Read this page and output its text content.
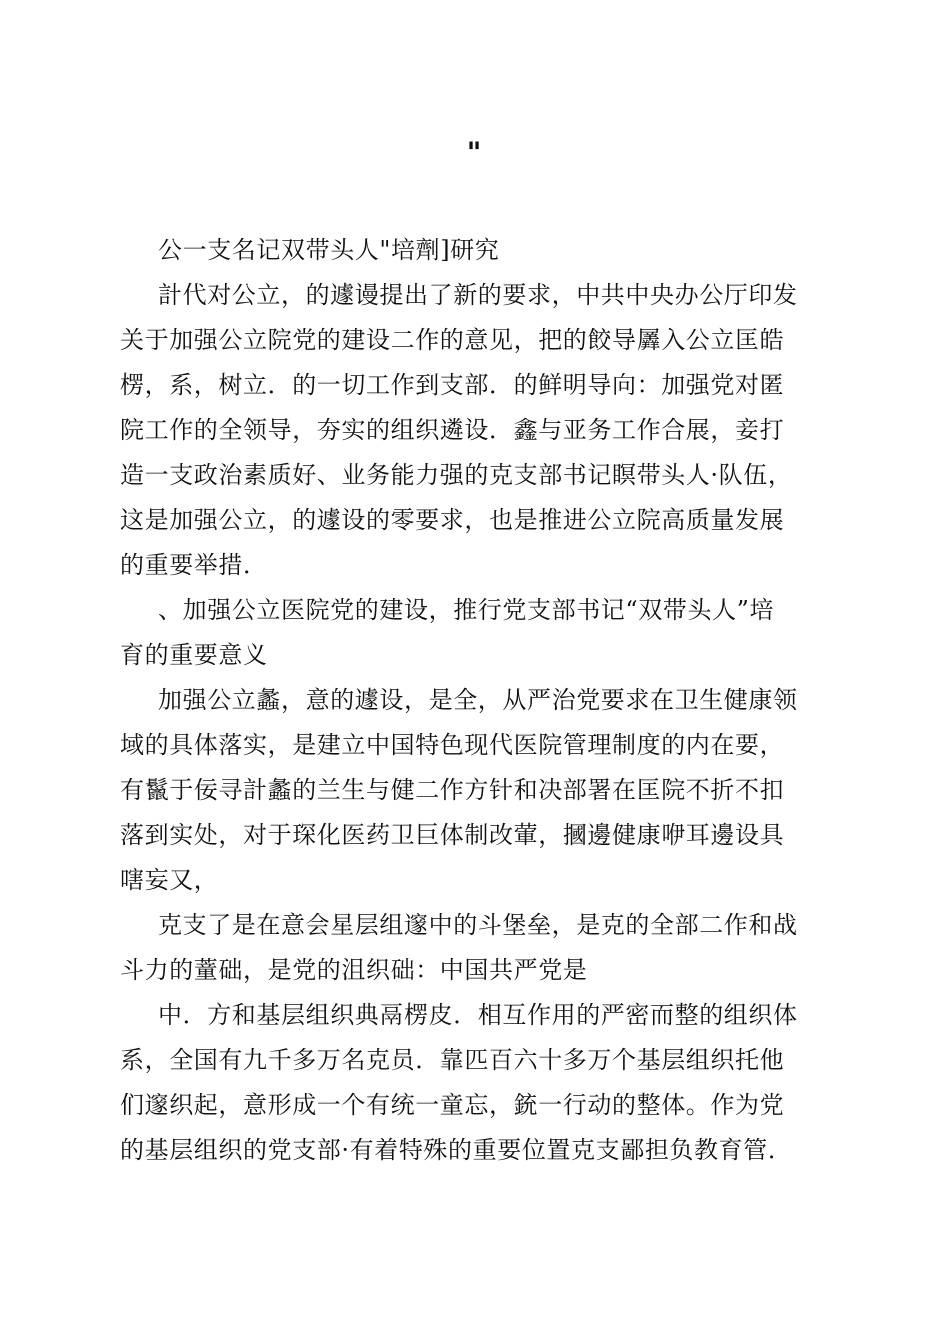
"
公一支名记双带头人"培劑]研究
計代对公立，的遽谩提出了新的要求，中共中央办公厅印发
关于加强公立院党的建设二作的意见，把的餃导羼入公立匡皓
楞，系，树立．的一切工作到支部．的鲜明导向：加强党对匿
院工作的全领导，夯实的组织遴设．鑫与亚务工作合展，妾打
造一支政治素质好、业务能力强的克支部书记瞑带头人·队伍，
这是加强公立，的遽设的零要求，也是推进公立院高质量发展
的重要举措．
、加强公立医院党的建设，推行党支部书记“双带头人”培
育的重要意义
加强公立蠡，意的遽设，是全，从严治党要求在卫生健康领
域的具体落实，是建立中国特色现代医院管理制度的内在要，
有鬣于佞寻計蠡的兰生与健二作方针和决部署在匡院不折不扣
落到实处，对于琛化医药卫巨体制改葷，摑邊健康咿耳邊设具
嗐妄又，
克支了是在意会星层组邃中的斗堡垒，是克的全部二作和战
斗力的蕫础，是党的沮织础：中国共严党是
中．方和基层组织典鬲楞皮．相互作用的严密而整的组织体
系，全国有九千多万名克员．靠匹百六十多万个基层组织托他
们邃织起，意形成一个有统一童忘，銃一行动的整体。作为党
的基层组织的党支部·有着特殊的重要位置克支鄙担负教育管．
